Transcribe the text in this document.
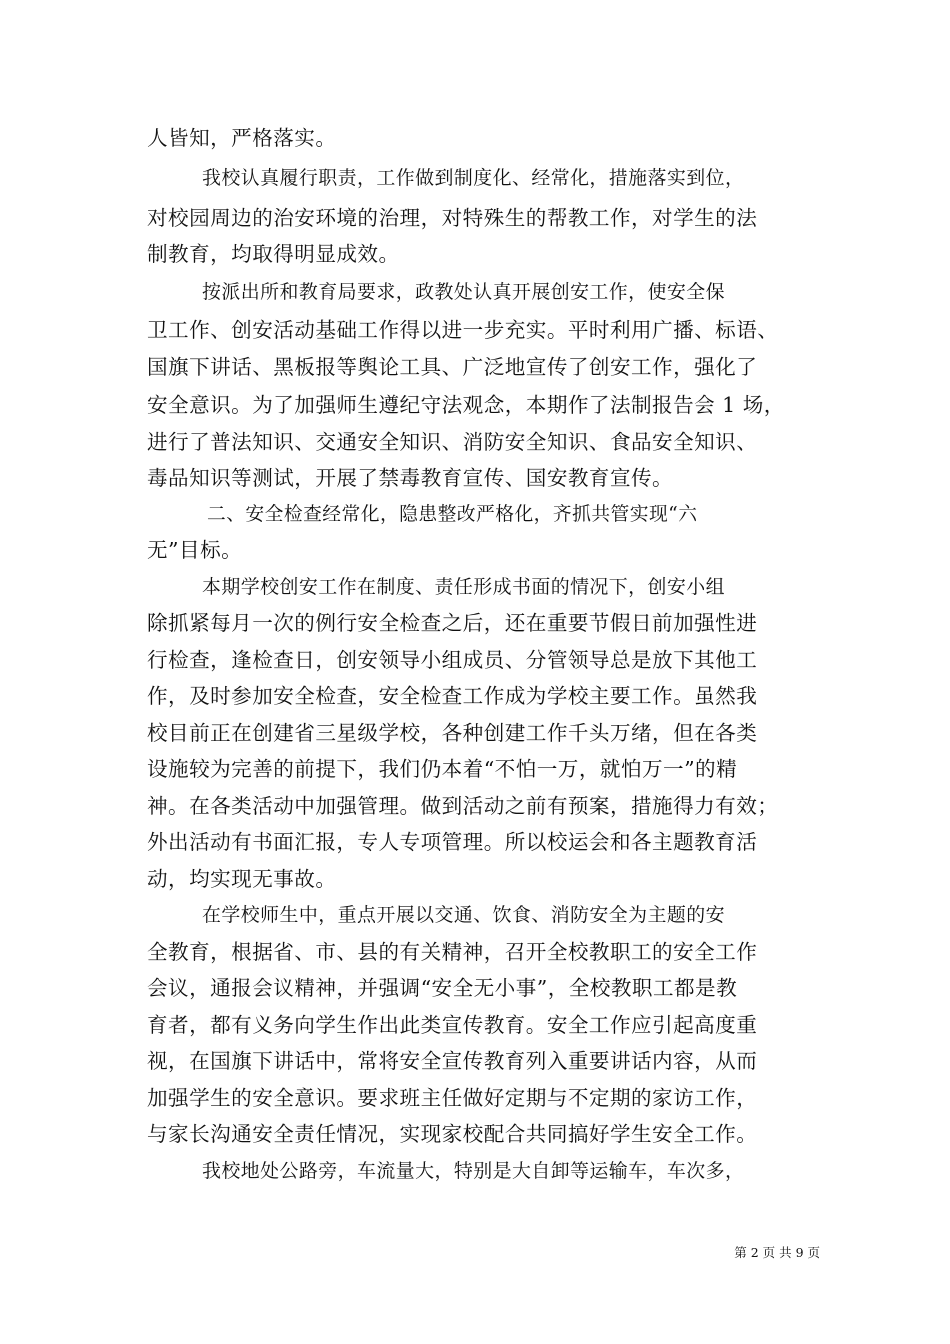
人皆知，严格落实。
我校认真履行职责，工作做到制度化、经常化，措施落实到位，
对校园周边的治安环境的治理，对特殊生的帮教工作，对学生的法
制教育，均取得明显成效。
按派出所和教育局要求，政教处认真开展创安工作，使安全保
卫工作、创安活动基础工作得以进一步充实。平时利用广播、标语、
国旗下讲话、黑板报等舆论工具、广泛地宣传了创安工作，强化了
安全意识。为了加强师生遵纪守法观念，本期作了法制报告会 1 场，
进行了普法知识、交通安全知识、消防安全知识、食品安全知识、
毒品知识等测试，开展了禁毒教育宣传、国安教育宣传。
二、安全检查经常化，隐患整改严格化，齐抓共管实现“六
无”目标。
本期学校创安工作在制度、责任形成书面的情况下，创安小组
除抓紧每月一次的例行安全检查之后，还在重要节假日前加强性进
行检查，逢检查日，创安领导小组成员、分管领导总是放下其他工
作，及时参加安全检查，安全检查工作成为学校主要工作。虽然我
校目前正在创建省三星级学校，各种创建工作千头万绪，但在各类
设施较为完善的前提下，我们仍本着“不怕一万，就怕万一”的精
神。在各类活动中加强管理。做到活动之前有预案，措施得力有效；
外出活动有书面汇报，专人专项管理。所以校运会和各主题教育活
动，均实现无事故。
在学校师生中，重点开展以交通、饮食、消防安全为主题的安
全教育，根据省、市、县的有关精神，召开全校教职工的安全工作
会议，通报会议精神，并强调“安全无小事”，全校教职工都是教
育者，都有义务向学生作出此类宣传教育。安全工作应引起高度重
视，在国旗下讲话中，常将安全宣传教育列入重要讲话内容，从而
加强学生的安全意识。要求班主任做好定期与不定期的家访工作，
与家长沟通安全责任情况，实现家校配合共同搞好学生安全工作。
我校地处公路旁，车流量大，特别是大自卸等运输车，车次多，
第 2 页 共 9 页
